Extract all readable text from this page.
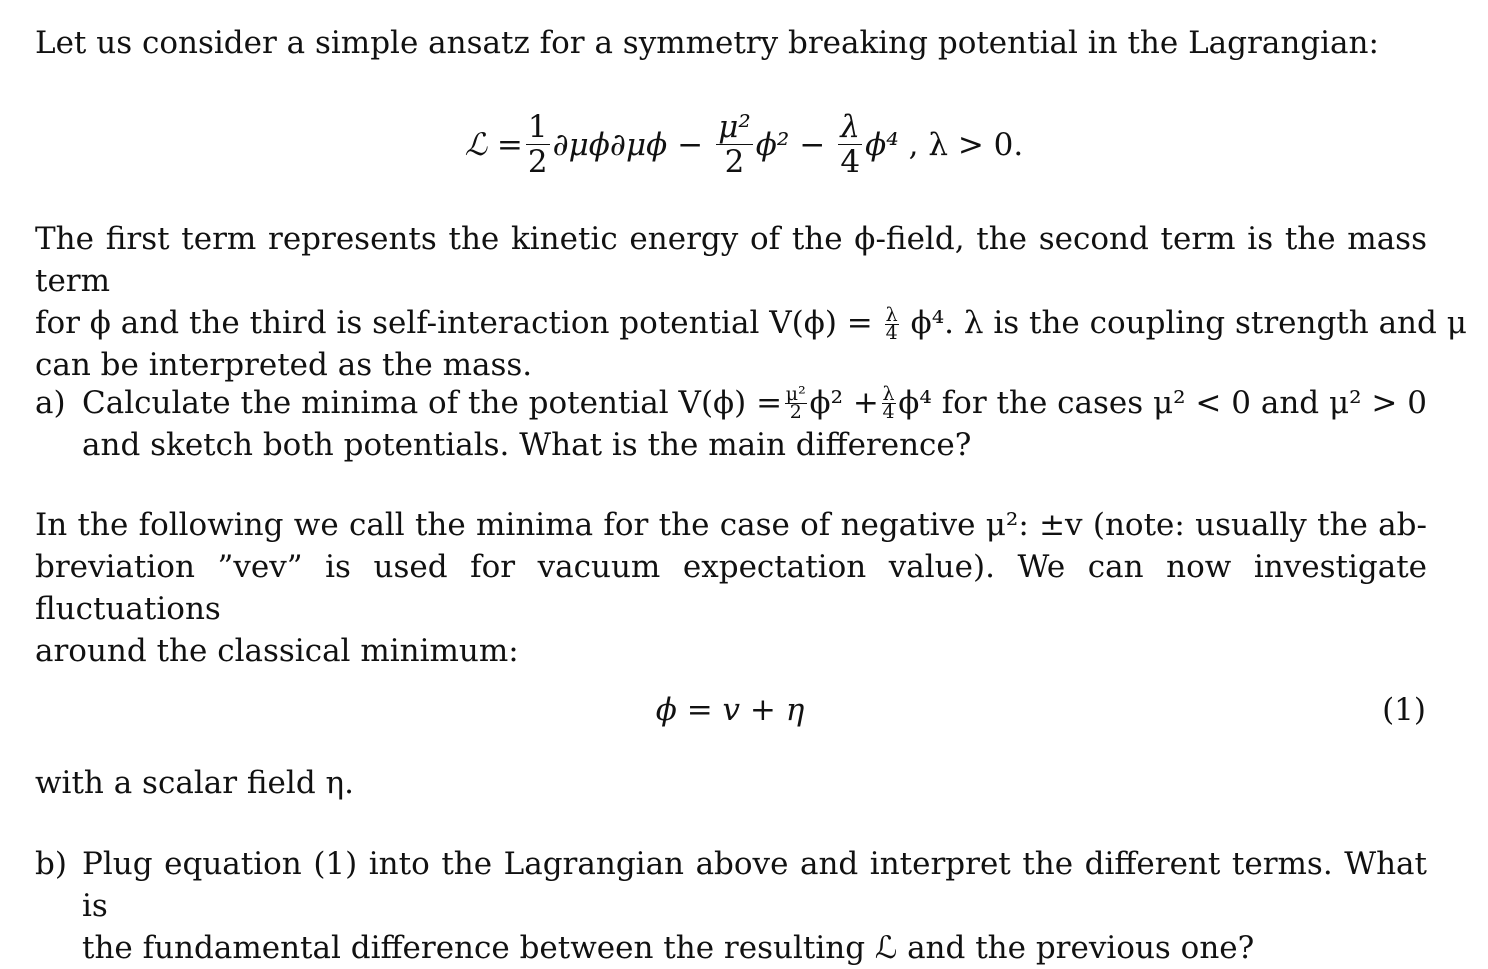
Let us consider a simple ansatz for a symmetry breaking potential in the Lagrangian:

ℒ = $\frac{1}{2} \partial\mu\phi\partial\mu\phi - \frac{\text{μ²}}{2} \phi^2 - \frac{\lambda}{4} \phi^4$ , λ > 0.
The first term represents the kinetic energy of the ϕ-field, the second term is the mass term
for ϕ and the third is self-interaction potential $V(\phi) = \frac{\lambda}{4} \phi^4$. λ is the coupling strength and μ
can be interpreted as the mass.
a) Calculate the minima of the potential $V(\phi) = \frac{\text{μ²}}{2} \phi^2 + \frac{\lambda}{4} \phi^4$ for the cases μ² < 0 and μ² > 0
and sketch both potentials. What is the main difference?
In the following we call the minima for the case of negative μ²: ±v (note: usually the ab-
breviation ”vev” is used for vacuum expectation value). We can now investigate fluctuations
around the classical minimum:
ϕ = v + η	(1)

with a scalar field η.

b) Plug equation (1) into the Lagrangian above and interpret the different terms. What is
the fundamental difference between the resulting ℒ and the previous one?
